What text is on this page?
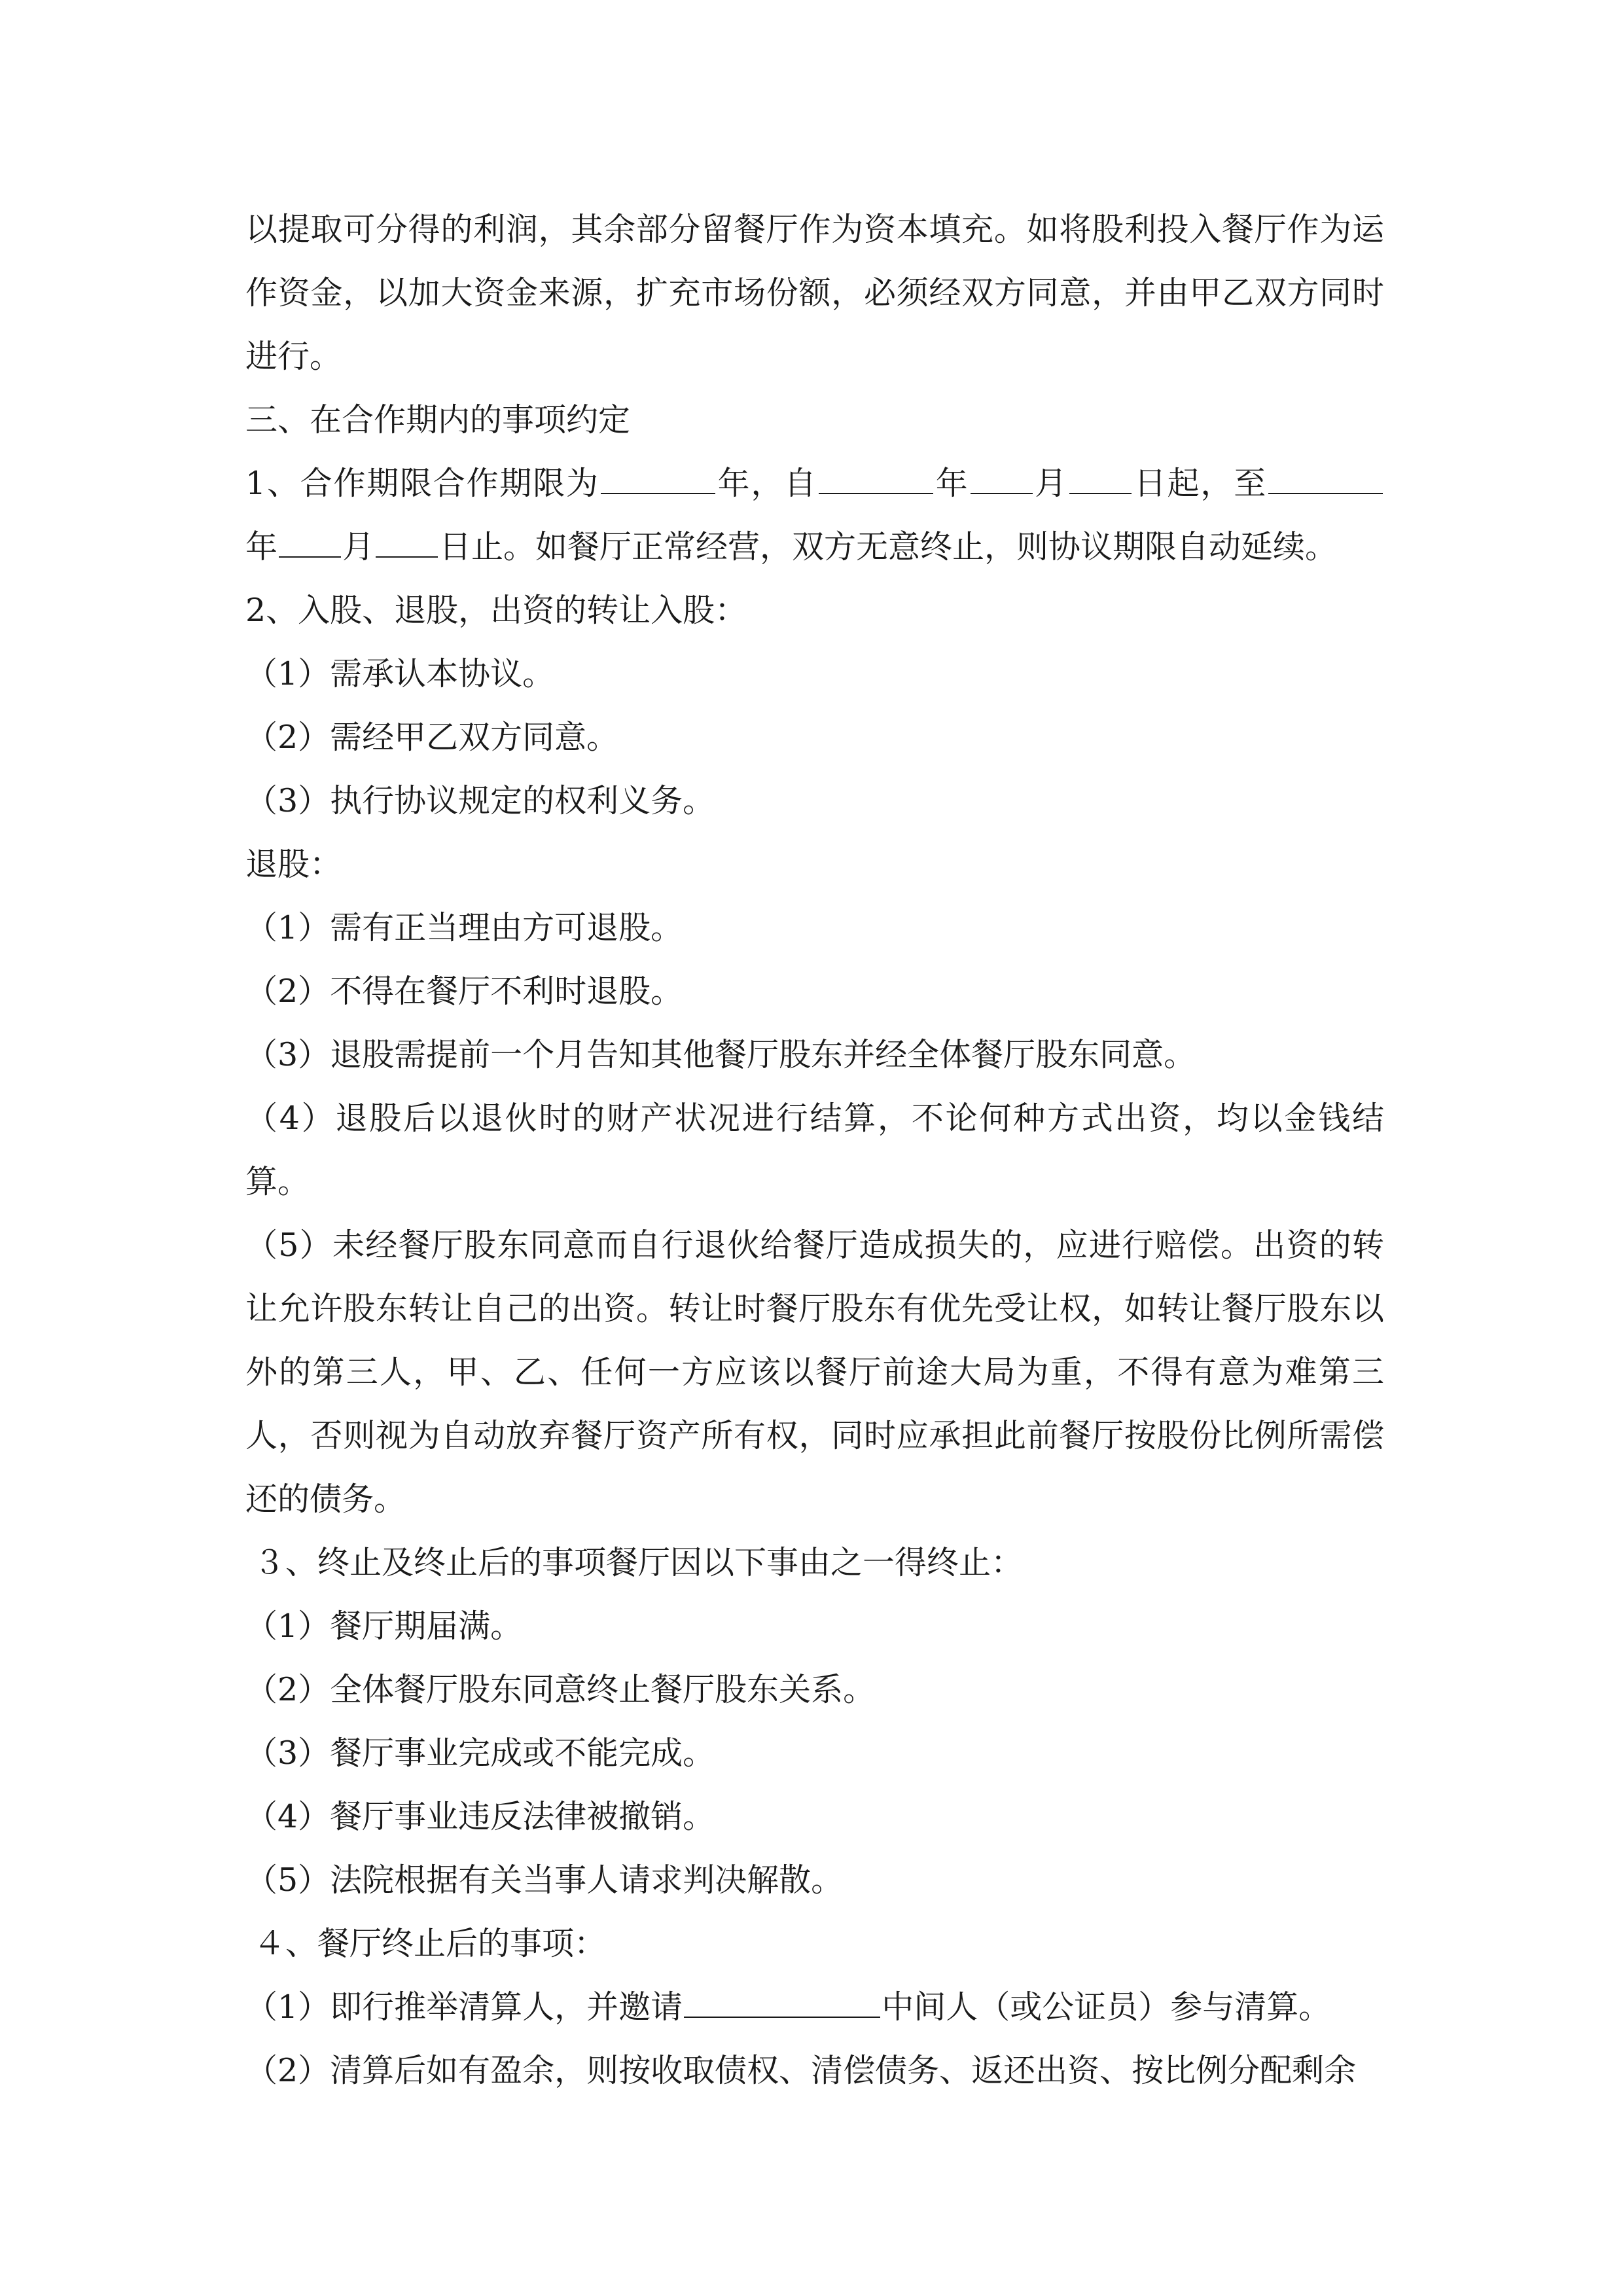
以提取可分得的利润，其余部分留餐厅作为资本填充。如将股利投入餐厅作为运作资金，以加大资金来源，扩充市场份额，必须经双方同意，并由甲乙双方同时进行。

三、在合作期内的事项约定

1、合作期限合作期限为	年，自	年 月 日起，至年 月 日止。如餐厅正常经营，双方无意终止，则协议期限自动延续。

2、入股、退股，出资的转让入股：

（1）需承认本协议。

（2）需经甲乙双方同意。

（3）执行协议规定的权利义务。

退股：

（1）需有正当理由方可退股。

（2）不得在餐厅不利时退股。

（3）退股需提前一个月告知其他餐厅股东并经全体餐厅股东同意。

（4）退股后以退伙时的财产状况进行结算，不论何种方式出资，均以金钱结算。

（5）未经餐厅股东同意而自行退伙给餐厅造成损失的，应进行赔偿。出资的转让允许股东转让自己的出资。转让时餐厅股东有优先受让权，如转让餐厅股东以外的第三人，甲、乙、任何一方应该以餐厅前途大局为重，不得有意为难第三人，否则视为自动放弃餐厅资产所有权，同时应承担此前餐厅按股份比例所需偿还的债务。

３、终止及终止后的事项餐厅因以下事由之一得终止：

（1）餐厅期届满。

（2）全体餐厅股东同意终止餐厅股东关系。

（3）餐厅事业完成或不能完成。

（4）餐厅事业违反法律被撤销。

（5）法院根据有关当事人请求判决解散。

４、餐厅终止后的事项：

（1）即行推举清算人，并邀请	中间人（或公证员）参与清算。

（2）清算后如有盈余，则按收取债权、清偿债务、返还出资、按比例分配剩余
